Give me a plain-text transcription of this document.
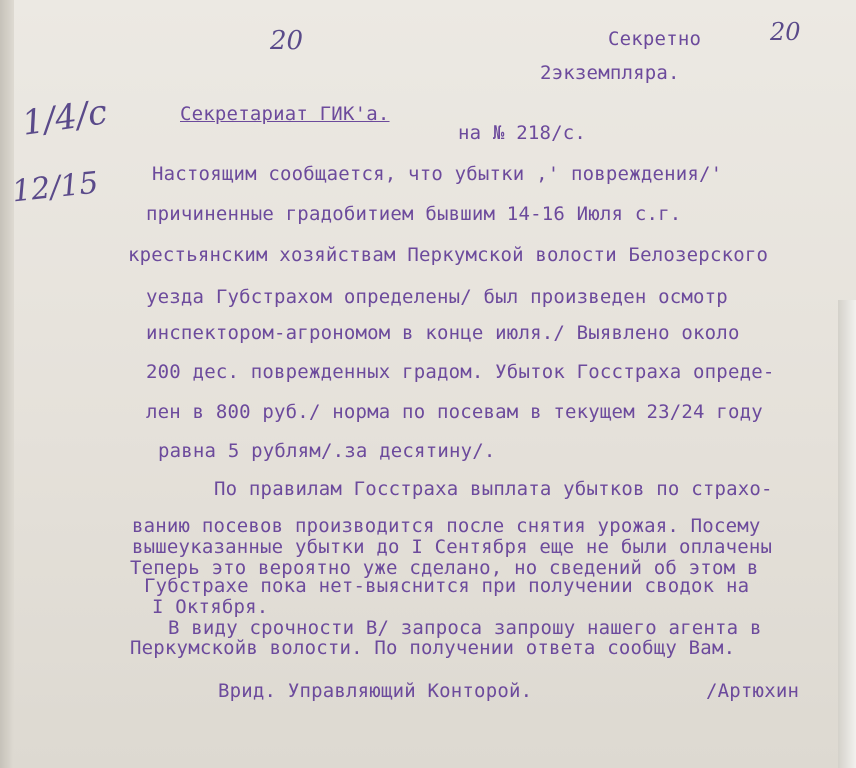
20	20
1/4/с
12/15
Секретно
2экземпляра.
Секретариат ГИК'а.
на № 218/с.
Настоящим сообщается, что убытки ,' повреждения/'
причиненные градобитием бывшим 14-16 Июля с.г.
крестьянским хозяйствам Перкумской волости Белозерского
уезда Губстрахом определены/ был произведен осмотр
инспектором-агрономом в конце июля./ Выявлено около
200 дес. поврежденных градом. Убыток Госстраха опреде-
лен в 800 руб./ норма по посевам в текущем 23/24 году
равна 5 рублям/.за десятину/.
По правилам Госстраха выплата убытков по страхо-
ванию посевов производится после снятия урожая. Посему
вышеуказанные убытки до I Сентября еще не были оплачены
Теперь это вероятно уже сделано, но сведений об этом в
Губстрахе пока нет-выяснится при получении сводок на
I Октября.
В виду срочности В/ запроса запрошу нашего агента в
Перкумскойв волости. По получении ответа сообщу Вам.
Врид. Управляющий Конторой.	/Артюхин
